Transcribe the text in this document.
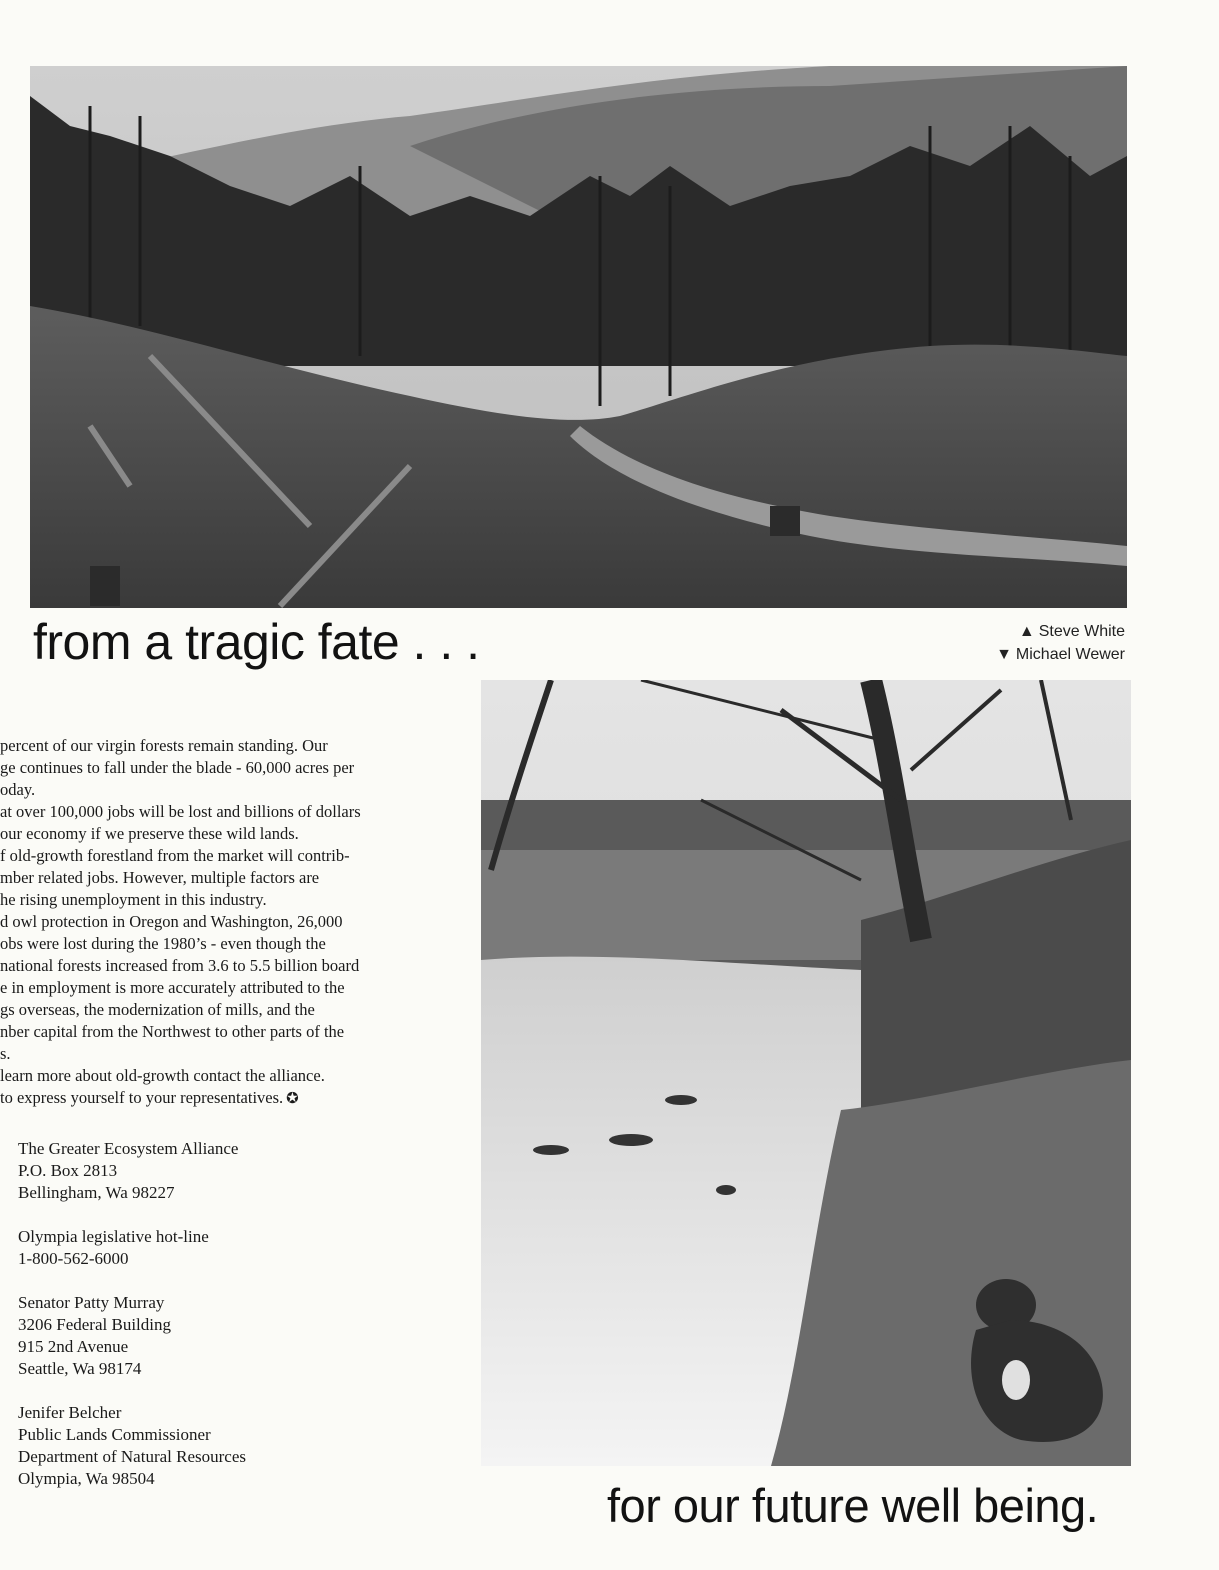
from a tragic fate . . .	▲ Steve White
▼ Michael Wewer
percent of our virgin forests remain standing. Our
ge continues to fall under the blade - 60,000 acres per
oday.
at over 100,000 jobs will be lost and billions of dollars
our economy if we preserve these wild lands.
f old-growth forestland from the market will contrib-
mber related jobs. However, multiple factors are
he rising unemployment in this industry.
d owl protection in Oregon and Washington, 26,000
obs were lost during the 1980’s - even though the
national forests increased from 3.6 to 5.5 billion board
e in employment is more accurately attributed to the
gs overseas, the modernization of mills, and the
nber capital from the Northwest to other parts of the
s.
learn more about old-growth contact the alliance.
to express yourself to your representatives. ✪
The Greater Ecosystem Alliance
P.O. Box 2813
Bellingham, Wa 98227
Olympia legislative hot-line
1-800-562-6000
Senator Patty Murray
3206 Federal Building
915 2nd Avenue
Seattle, Wa 98174
Jenifer Belcher
Public Lands Commissioner
Department of Natural Resources
Olympia, Wa 98504
for our future well being.
